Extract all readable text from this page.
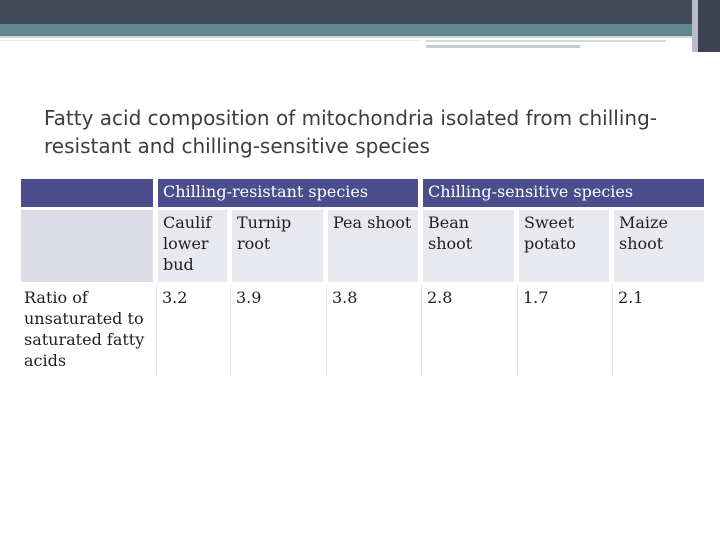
Fatty acid composition of mitochondria isolated from chilling-resistant and chilling-sensitive species
	Chilling-resistant species			Chilling-sensitive species		
	Caulif lower bud	Turnip root	Pea shoot	Bean shoot	Sweet potato	Maize shoot
Ratio of unsaturated to saturated fatty acids	3.2	3.9	3.8	2.8	1.7	2.1
